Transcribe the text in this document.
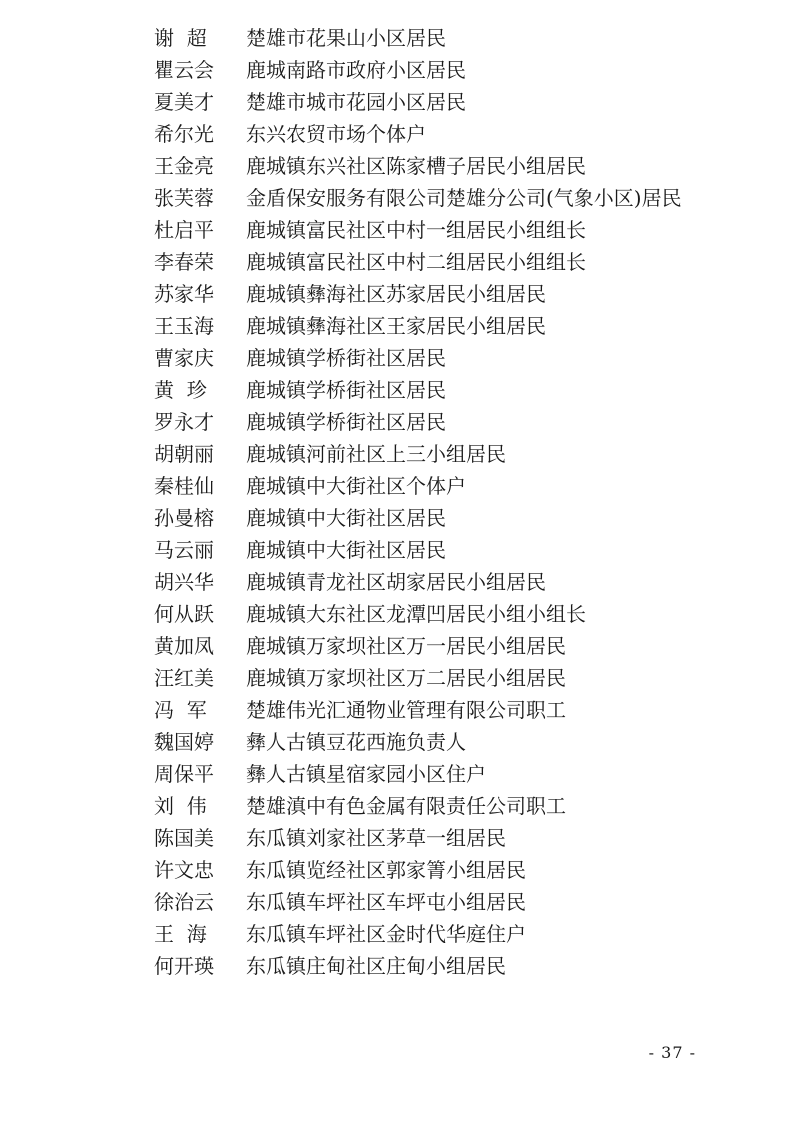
谢  超	楚雄市花果山小区居民
瞿云会	鹿城南路市政府小区居民
夏美才	楚雄市城市花园小区居民
希尔光	东兴农贸市场个体户
王金亮	鹿城镇东兴社区陈家槽子居民小组居民
张芙蓉	金盾保安服务有限公司楚雄分公司(气象小区)居民
杜启平	鹿城镇富民社区中村一组居民小组组长
李春荣	鹿城镇富民社区中村二组居民小组组长
苏家华	鹿城镇彝海社区苏家居民小组居民
王玉海	鹿城镇彝海社区王家居民小组居民
曹家庆	鹿城镇学桥街社区居民
黄  珍	鹿城镇学桥街社区居民
罗永才	鹿城镇学桥街社区居民
胡朝丽	鹿城镇河前社区上三小组居民
秦桂仙	鹿城镇中大街社区个体户
孙曼榕	鹿城镇中大街社区居民
马云丽	鹿城镇中大街社区居民
胡兴华	鹿城镇青龙社区胡家居民小组居民
何从跃	鹿城镇大东社区龙潭凹居民小组小组长
黄加凤	鹿城镇万家坝社区万一居民小组居民
汪红美	鹿城镇万家坝社区万二居民小组居民
冯  军	楚雄伟光汇通物业管理有限公司职工
魏国婷	彝人古镇豆花西施负责人
周保平	彝人古镇星宿家园小区住户
刘  伟	楚雄滇中有色金属有限责任公司职工
陈国美	东瓜镇刘家社区茅草一组居民
许文忠	东瓜镇览经社区郭家箐小组居民
徐治云	东瓜镇车坪社区车坪屯小组居民
王  海	东瓜镇车坪社区金时代华庭住户
何开瑛	东瓜镇庄甸社区庄甸小组居民
- 37 -
